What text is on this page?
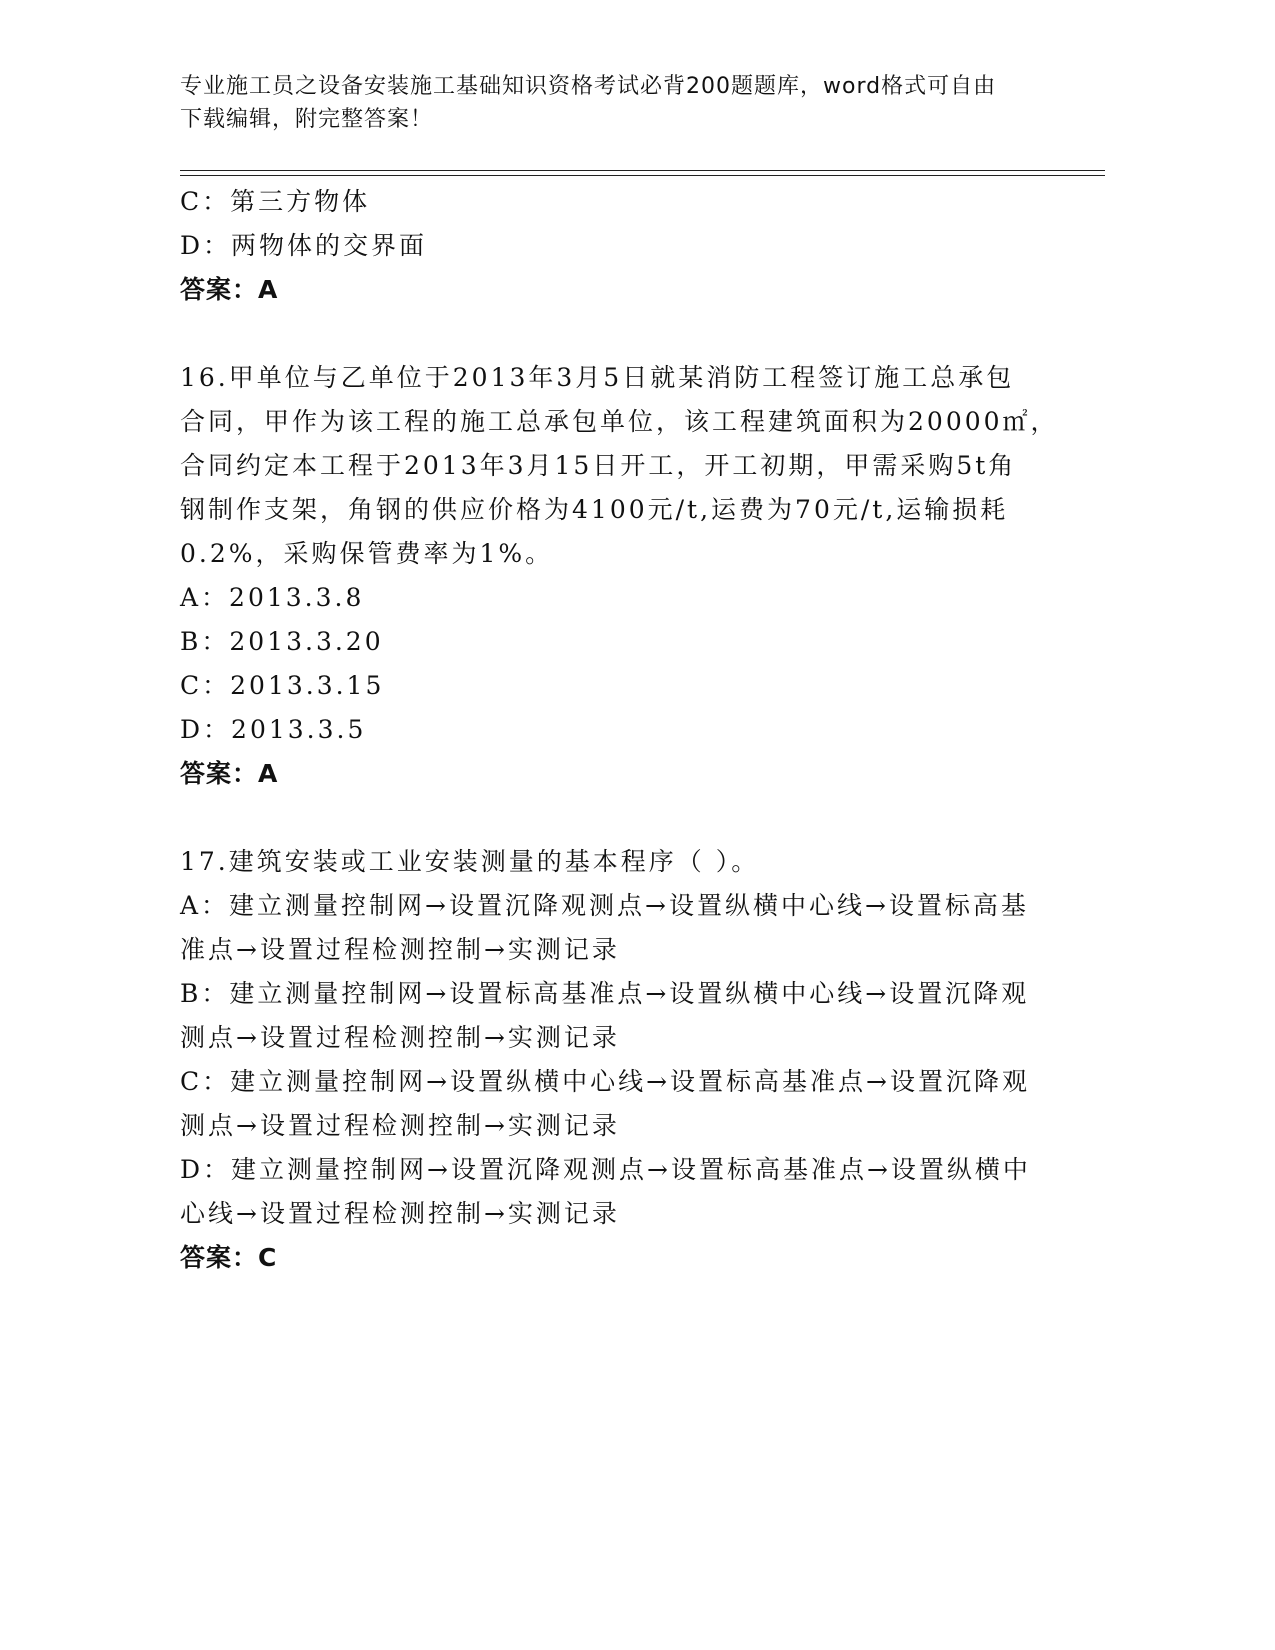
专业施工员之设备安装施工基础知识资格考试必背200题题库，word格式可自由
下载编辑，附完整答案！
C：第三方物体
D：两物体的交界面
答案：A
16.甲单位与乙单位于2013年3月5日就某消防工程签订施工总承包
合同，甲作为该工程的施工总承包单位，该工程建筑面积为20000㎡，
合同约定本工程于2013年3月15日开工，开工初期，甲需采购5t角
钢制作支架，角钢的供应价格为4100元/t,运费为70元/t,运输损耗
0.2%，采购保管费率为1%。
A：2013.3.8
B：2013.3.20
C：2013.3.15
D：2013.3.5
答案：A
17.建筑安装或工业安装测量的基本程序（ ）。
A：建立测量控制网→设置沉降观测点→设置纵横中心线→设置标高基
准点→设置过程检测控制→实测记录
B：建立测量控制网→设置标高基准点→设置纵横中心线→设置沉降观
测点→设置过程检测控制→实测记录
C：建立测量控制网→设置纵横中心线→设置标高基准点→设置沉降观
测点→设置过程检测控制→实测记录
D：建立测量控制网→设置沉降观测点→设置标高基准点→设置纵横中
心线→设置过程检测控制→实测记录
答案：C
